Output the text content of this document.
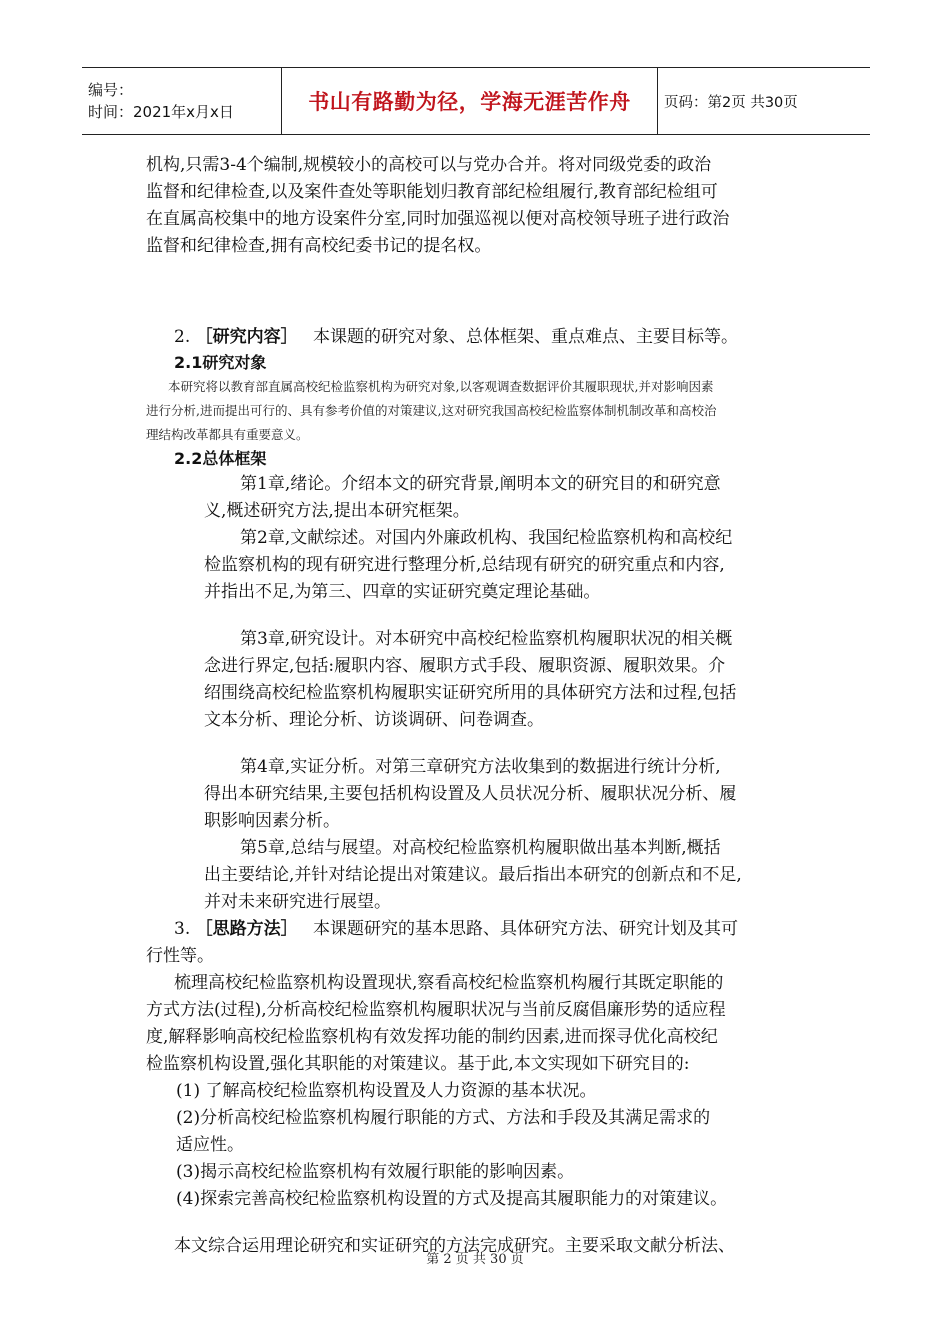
编号：
时间：2021年x月x日	书山有路勤为径，学海无涯苦作舟	页码：第2页 共30页

机构,只需3-4个编制,规模较小的高校可以与党办合并。将对同级党委的政治

监督和纪律检查,以及案件查处等职能划归教育部纪检组履行,教育部纪检组可

在直属高校集中的地方设案件分室,同时加强巡视以便对高校领导班子进行政治

监督和纪律检查,拥有高校纪委书记的提名权。

2. ［研究内容］ 本课题的研究对象、总体框架、重点难点、主要目标等。

2.1研究对象

本研究将以教育部直属高校纪检监察机构为研究对象,以客观调查数据评价其履职现状,并对影响因素

进行分析,进而提出可行的、具有参考价值的对策建议,这对研究我国高校纪检监察体制机制改革和高校治

理结构改革都具有重要意义。

2.2总体框架

第1章,绪论。介绍本文的研究背景,阐明本文的研究目的和研究意

义,概述研究方法,提出本研究框架。

第2章,文献综述。对国内外廉政机构、我国纪检监察机构和高校纪

检监察机构的现有研究进行整理分析,总结现有研究的研究重点和内容,

并指出不足,为第三、四章的实证研究奠定理论基础。

第3章,研究设计。对本研究中高校纪检监察机构履职状况的相关概

念进行界定,包括:履职内容、履职方式手段、履职资源、履职效果。介

绍围绕高校纪检监察机构履职实证研究所用的具体研究方法和过程,包括

文本分析、理论分析、访谈调研、问卷调查。

第4章,实证分析。对第三章研究方法收集到的数据进行统计分析,

得出本研究结果,主要包括机构设置及人员状况分析、履职状况分析、履

职影响因素分析。

第5章,总结与展望。对高校纪检监察机构履职做出基本判断,概括

出主要结论,并针对结论提出对策建议。最后指出本研究的创新点和不足,

并对未来研究进行展望。

3. ［思路方法］ 本课题研究的基本思路、具体研究方法、研究计划及其可

行性等。

梳理高校纪检监察机构设置现状,察看高校纪检监察机构履行其既定职能的

方式方法(过程),分析高校纪检监察机构履职状况与当前反腐倡廉形势的适应程

度,解释影响高校纪检监察机构有效发挥功能的制约因素,进而探寻优化高校纪

检监察机构设置,强化其职能的对策建议。基于此,本文实现如下研究目的:

(1) 了解高校纪检监察机构设置及人力资源的基本状况。

(2)分析高校纪检监察机构履行职能的方式、方法和手段及其满足需求的

适应性。

(3)揭示高校纪检监察机构有效履行职能的影响因素。

(4)探索完善高校纪检监察机构设置的方式及提高其履职能力的对策建议。

本文综合运用理论研究和实证研究的方法完成研究。主要采取文献分析法、

第 2 页 共 30 页
